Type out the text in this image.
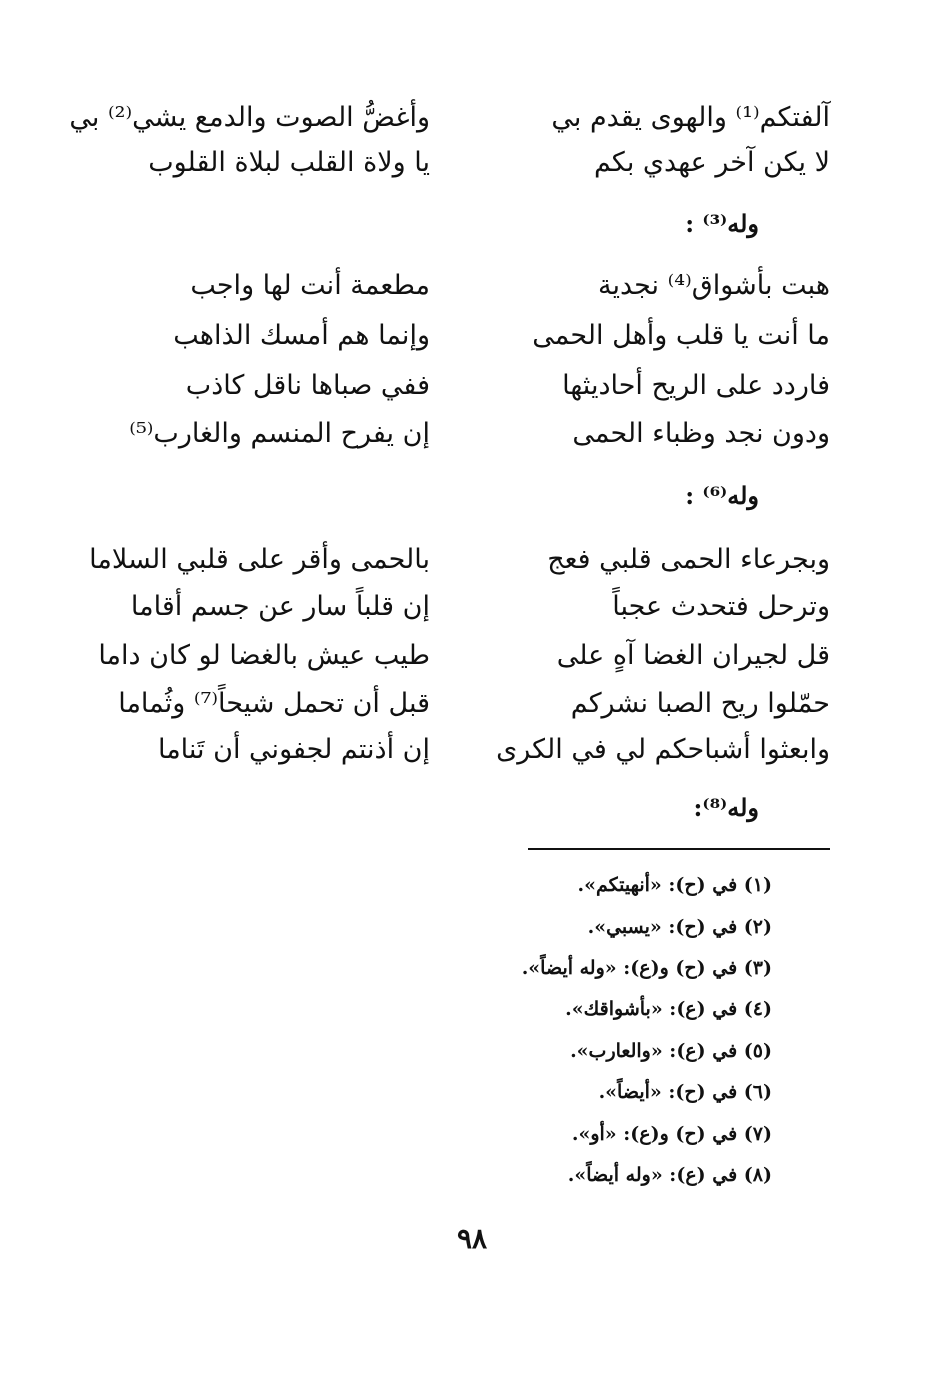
آلفتكم⁽¹⁾ والهوى يقدم بي
وأغضُّ الصوت والدمع يشي⁽²⁾ بي
لا يكن آخر عهدي بكم
يا ولاة القلب لبلاة القلوب
وله⁽³⁾ :
هبت بأشواق⁽⁴⁾ نجدية
مطعمة أنت لها واجب
ما أنت يا قلب وأهل الحمى
وإنما هم أمسك الذاهب
فاردد على الريح أحاديثها
ففي صباها ناقل كاذب
ودون نجد وظباء الحمى
إن يفرح المنسم والغارب⁽⁵⁾
وله⁽⁶⁾ :
وبجرعاء الحمى قلبي فعج
بالحمى وأقر على قلبي السلاما
وترحل فتحدث عجباً
إن قلباً سار عن جسم أقاما
قل لجيران الغضا آهٍ على
طيب عيش بالغضا لو كان داما
حمّلوا ريح الصبا نشركم
قبل أن تحمل شيحاً⁽⁷⁾ وثُماما
وابعثوا أشباحكم لي في الكرى
إن أذنتم لجفوني أن تَناما
وله⁽⁸⁾:
(١) في (ح): «أنهيتكم».
(٢) في (ح): «يسبي».
(٣) في (ح) و(ع): «وله أيضاً».
(٤) في (ع): «بأشواقك».
(٥) في (ع): «والعارب».
(٦) في (ح): «أيضاً».
(٧) في (ح) و(ع): «أو».
(٨) في (ع): «وله أيضاً».
٩٨
